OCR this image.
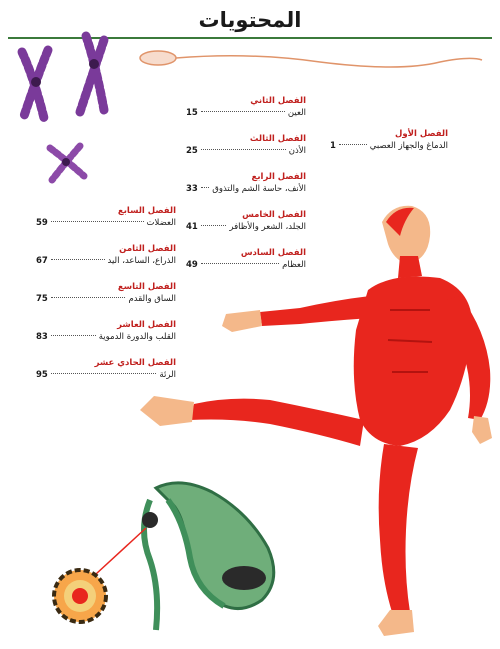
المحتويات
الفصل الأول
الدماغ والجهاز العصبي
1
الفصل الثاني
العين
15
الفصل الثالث
الأذن
25
الفصل الرابع
الأنف، حاسة الشم والتذوق
33
الفصل الخامس
الجلد، الشعر والأظافر
41
الفصل السادس
العظام
49
الفصل السابع
العضلات
59
الفصل الثامن
الذراع، الساعد، اليد
67
الفصل التاسع
الساق والقدم
75
الفصل العاشر
القلب والدورة الدموية
83
الفصل الحادي عشر
الرئة
95
